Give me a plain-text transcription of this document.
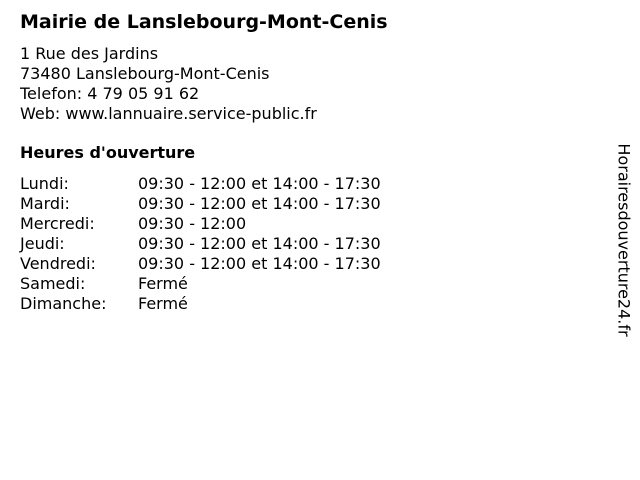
Mairie de Lanslebourg-Mont-Cenis
1 Rue des Jardins
73480 Lanslebourg-Mont-Cenis
Telefon: 4 79 05 91 62
Web: www.lannuaire.service-public.fr
Heures d'ouverture
Lundi:	09:30 - 12:00 et 14:00 - 17:30
Mardi:	09:30 - 12:00 et 14:00 - 17:30
Mercredi:	09:30 - 12:00
Jeudi:	09:30 - 12:00 et 14:00 - 17:30
Vendredi:	09:30 - 12:00 et 14:00 - 17:30
Samedi:	Fermé
Dimanche:	Fermé	Horairesdouverture24.fr
